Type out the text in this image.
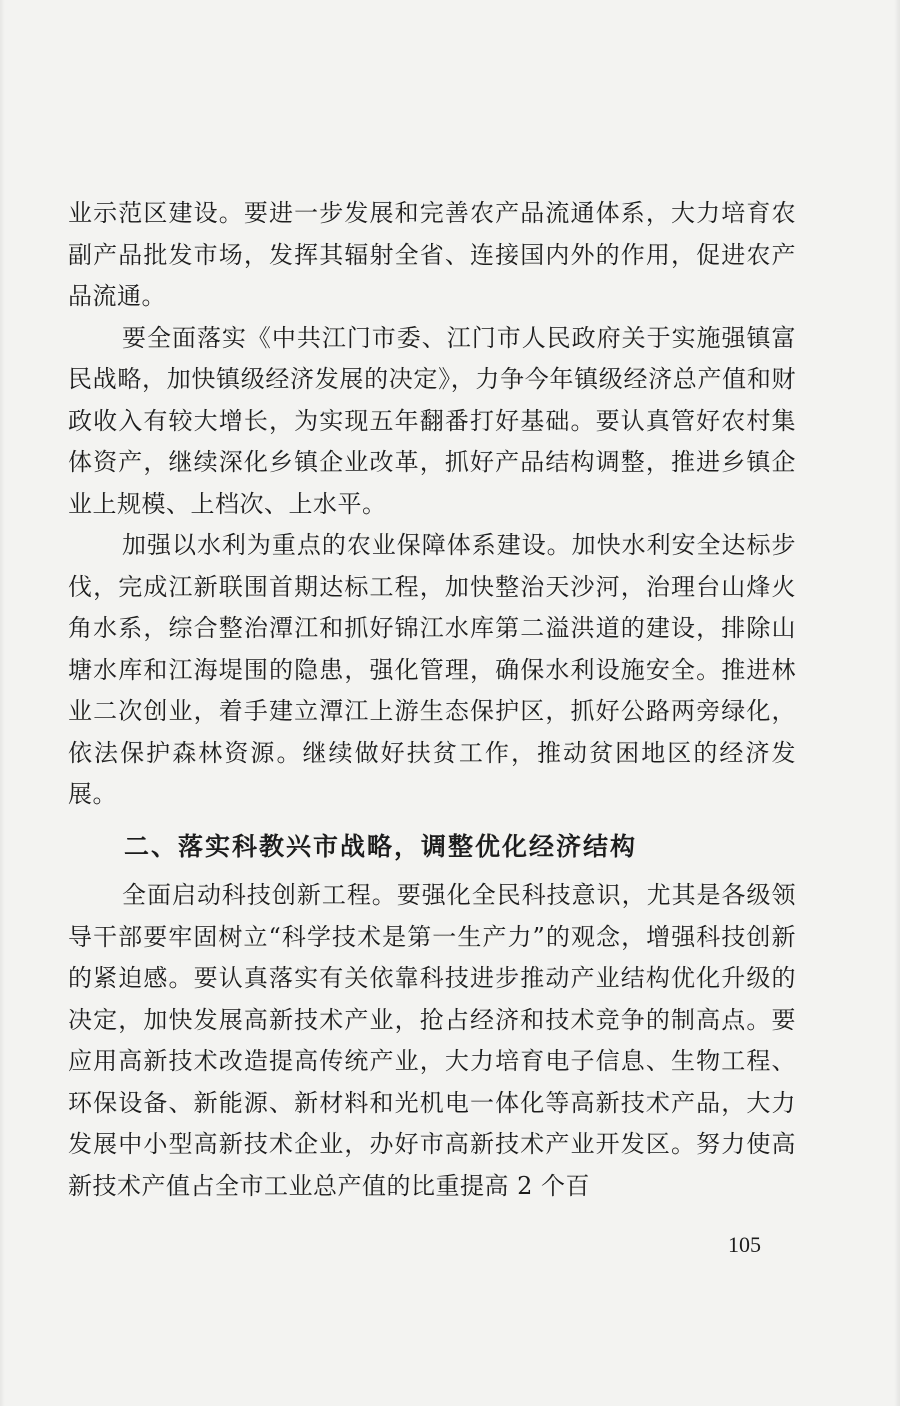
业示范区建设。要进一步发展和完善农产品流通体系，大力培育农副产品批发市场，发挥其辐射全省、连接国内外的作用，促进农产品流通。

要全面落实《中共江门市委、江门市人民政府关于实施强镇富民战略，加快镇级经济发展的决定》，力争今年镇级经济总产值和财政收入有较大增长，为实现五年翻番打好基础。要认真管好农村集体资产，继续深化乡镇企业改革，抓好产品结构调整，推进乡镇企业上规模、上档次、上水平。

加强以水利为重点的农业保障体系建设。加快水利安全达标步伐，完成江新联围首期达标工程，加快整治天沙河，治理台山烽火角水系，综合整治潭江和抓好锦江水库第二溢洪道的建设，排除山塘水库和江海堤围的隐患，强化管理，确保水利设施安全。推进林业二次创业，着手建立潭江上游生态保护区，抓好公路两旁绿化，依法保护森林资源。继续做好扶贫工作，推动贫困地区的经济发展。

二、落实科教兴市战略，调整优化经济结构

全面启动科技创新工程。要强化全民科技意识，尤其是各级领导干部要牢固树立“科学技术是第一生产力”的观念，增强科技创新的紧迫感。要认真落实有关依靠科技进步推动产业结构优化升级的决定，加快发展高新技术产业，抢占经济和技术竞争的制高点。要应用高新技术改造提高传统产业，大力培育电子信息、生物工程、环保设备、新能源、新材料和光机电一体化等高新技术产品，大力发展中小型高新技术企业，办好市高新技术产业开发区。努力使高新技术产值占全市工业总产值的比重提高 2 个百

105
